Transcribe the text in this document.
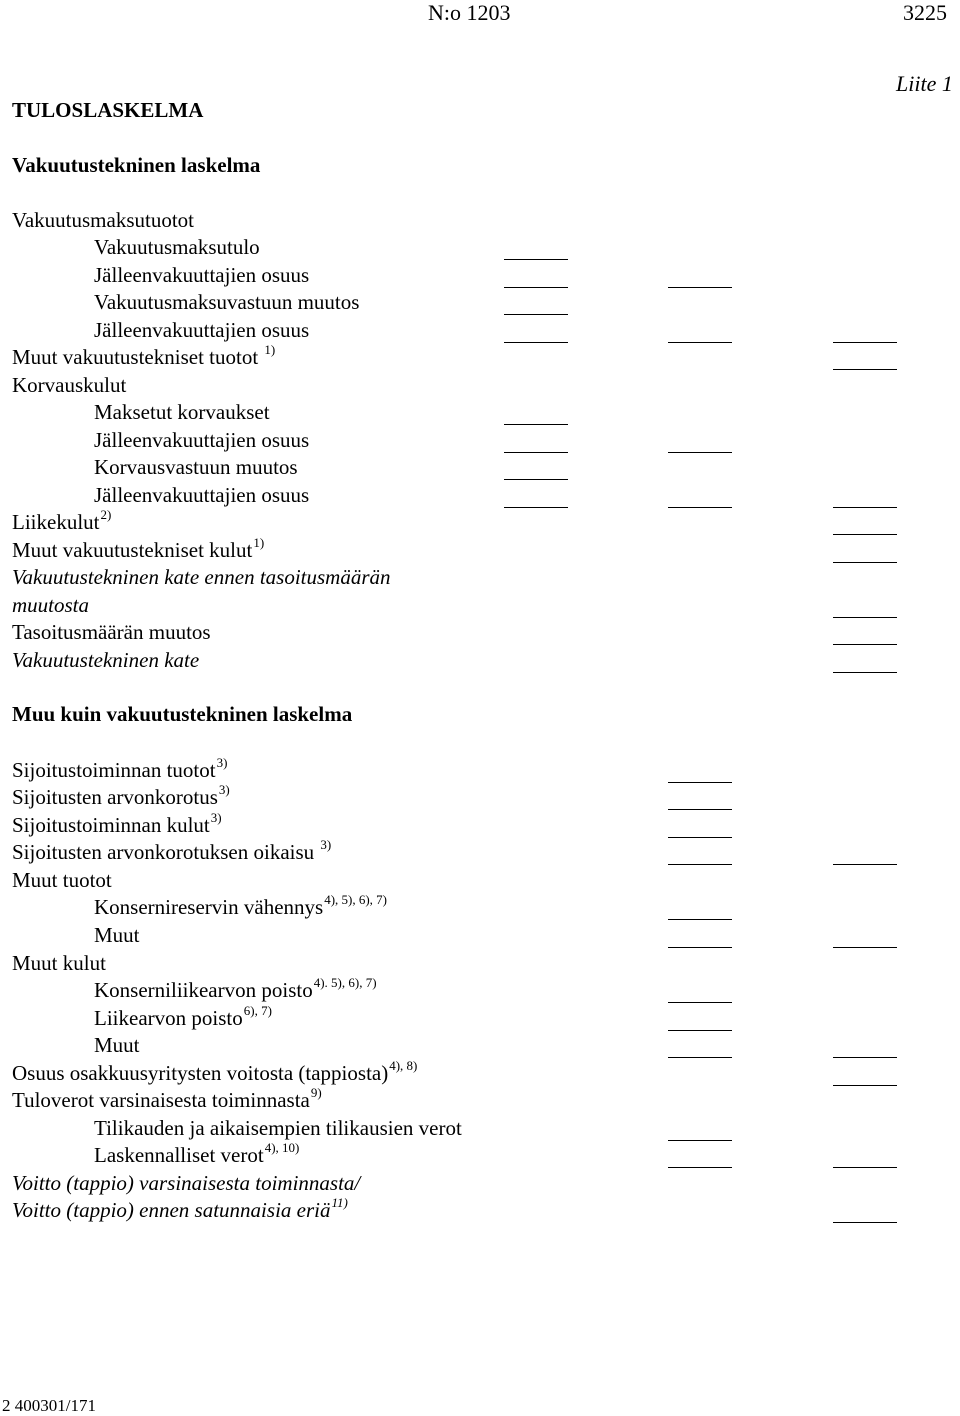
N:o 1203	3225
Liite 1
TULOSLASKELMA
Vakuutustekninen laskelma
Vakuutusmaksutuotot
Vakuutusmaksutulo
Jälleenvakuuttajien osuus
Vakuutusmaksuvastuun muutos
Jälleenvakuuttajien osuus
Muut vakuutustekniset tuotot $^{1)}$
Korvauskulut
Maksetut korvaukset
Jälleenvakuuttajien osuus
Korvausvastuun muutos
Jälleenvakuuttajien osuus
Liikekulut$^{2)}$
Muut vakuutustekniset kulut$^{1)}$
Vakuutustekninen kate ennen tasoitusmäärän
muutosta
Tasoitusmäärän muutos
Vakuutustekninen kate
Muu kuin vakuutustekninen laskelma
Sijoitustoiminnan tuotot$^{3)}$
Sijoitusten arvonkorotus$^{3)}$
Sijoitustoiminnan kulut$^{3)}$
Sijoitusten arvonkorotuksen oikaisu $^{3)}$
Muut tuotot
Konsernireservin vähennys$^{4), 5), 6), 7)}$
Muut
Muut kulut
Konserniliikearvon poisto$^{4). 5), 6), 7)}$
Liikearvon poisto$^{6), 7)}$
Muut
Osuus osakkuusyritysten voitosta (tappiosta)$^{4), 8)}$
Tuloverot varsinaisesta toiminnasta$^{9)}$
Tilikauden ja aikaisempien tilikausien verot
Laskennalliset verot$^{4), 10)}$
Voitto (tappio) varsinaisesta toiminnasta/
Voitto (tappio) ennen satunnaisia eriä$^{11)}$
2 400301/171
